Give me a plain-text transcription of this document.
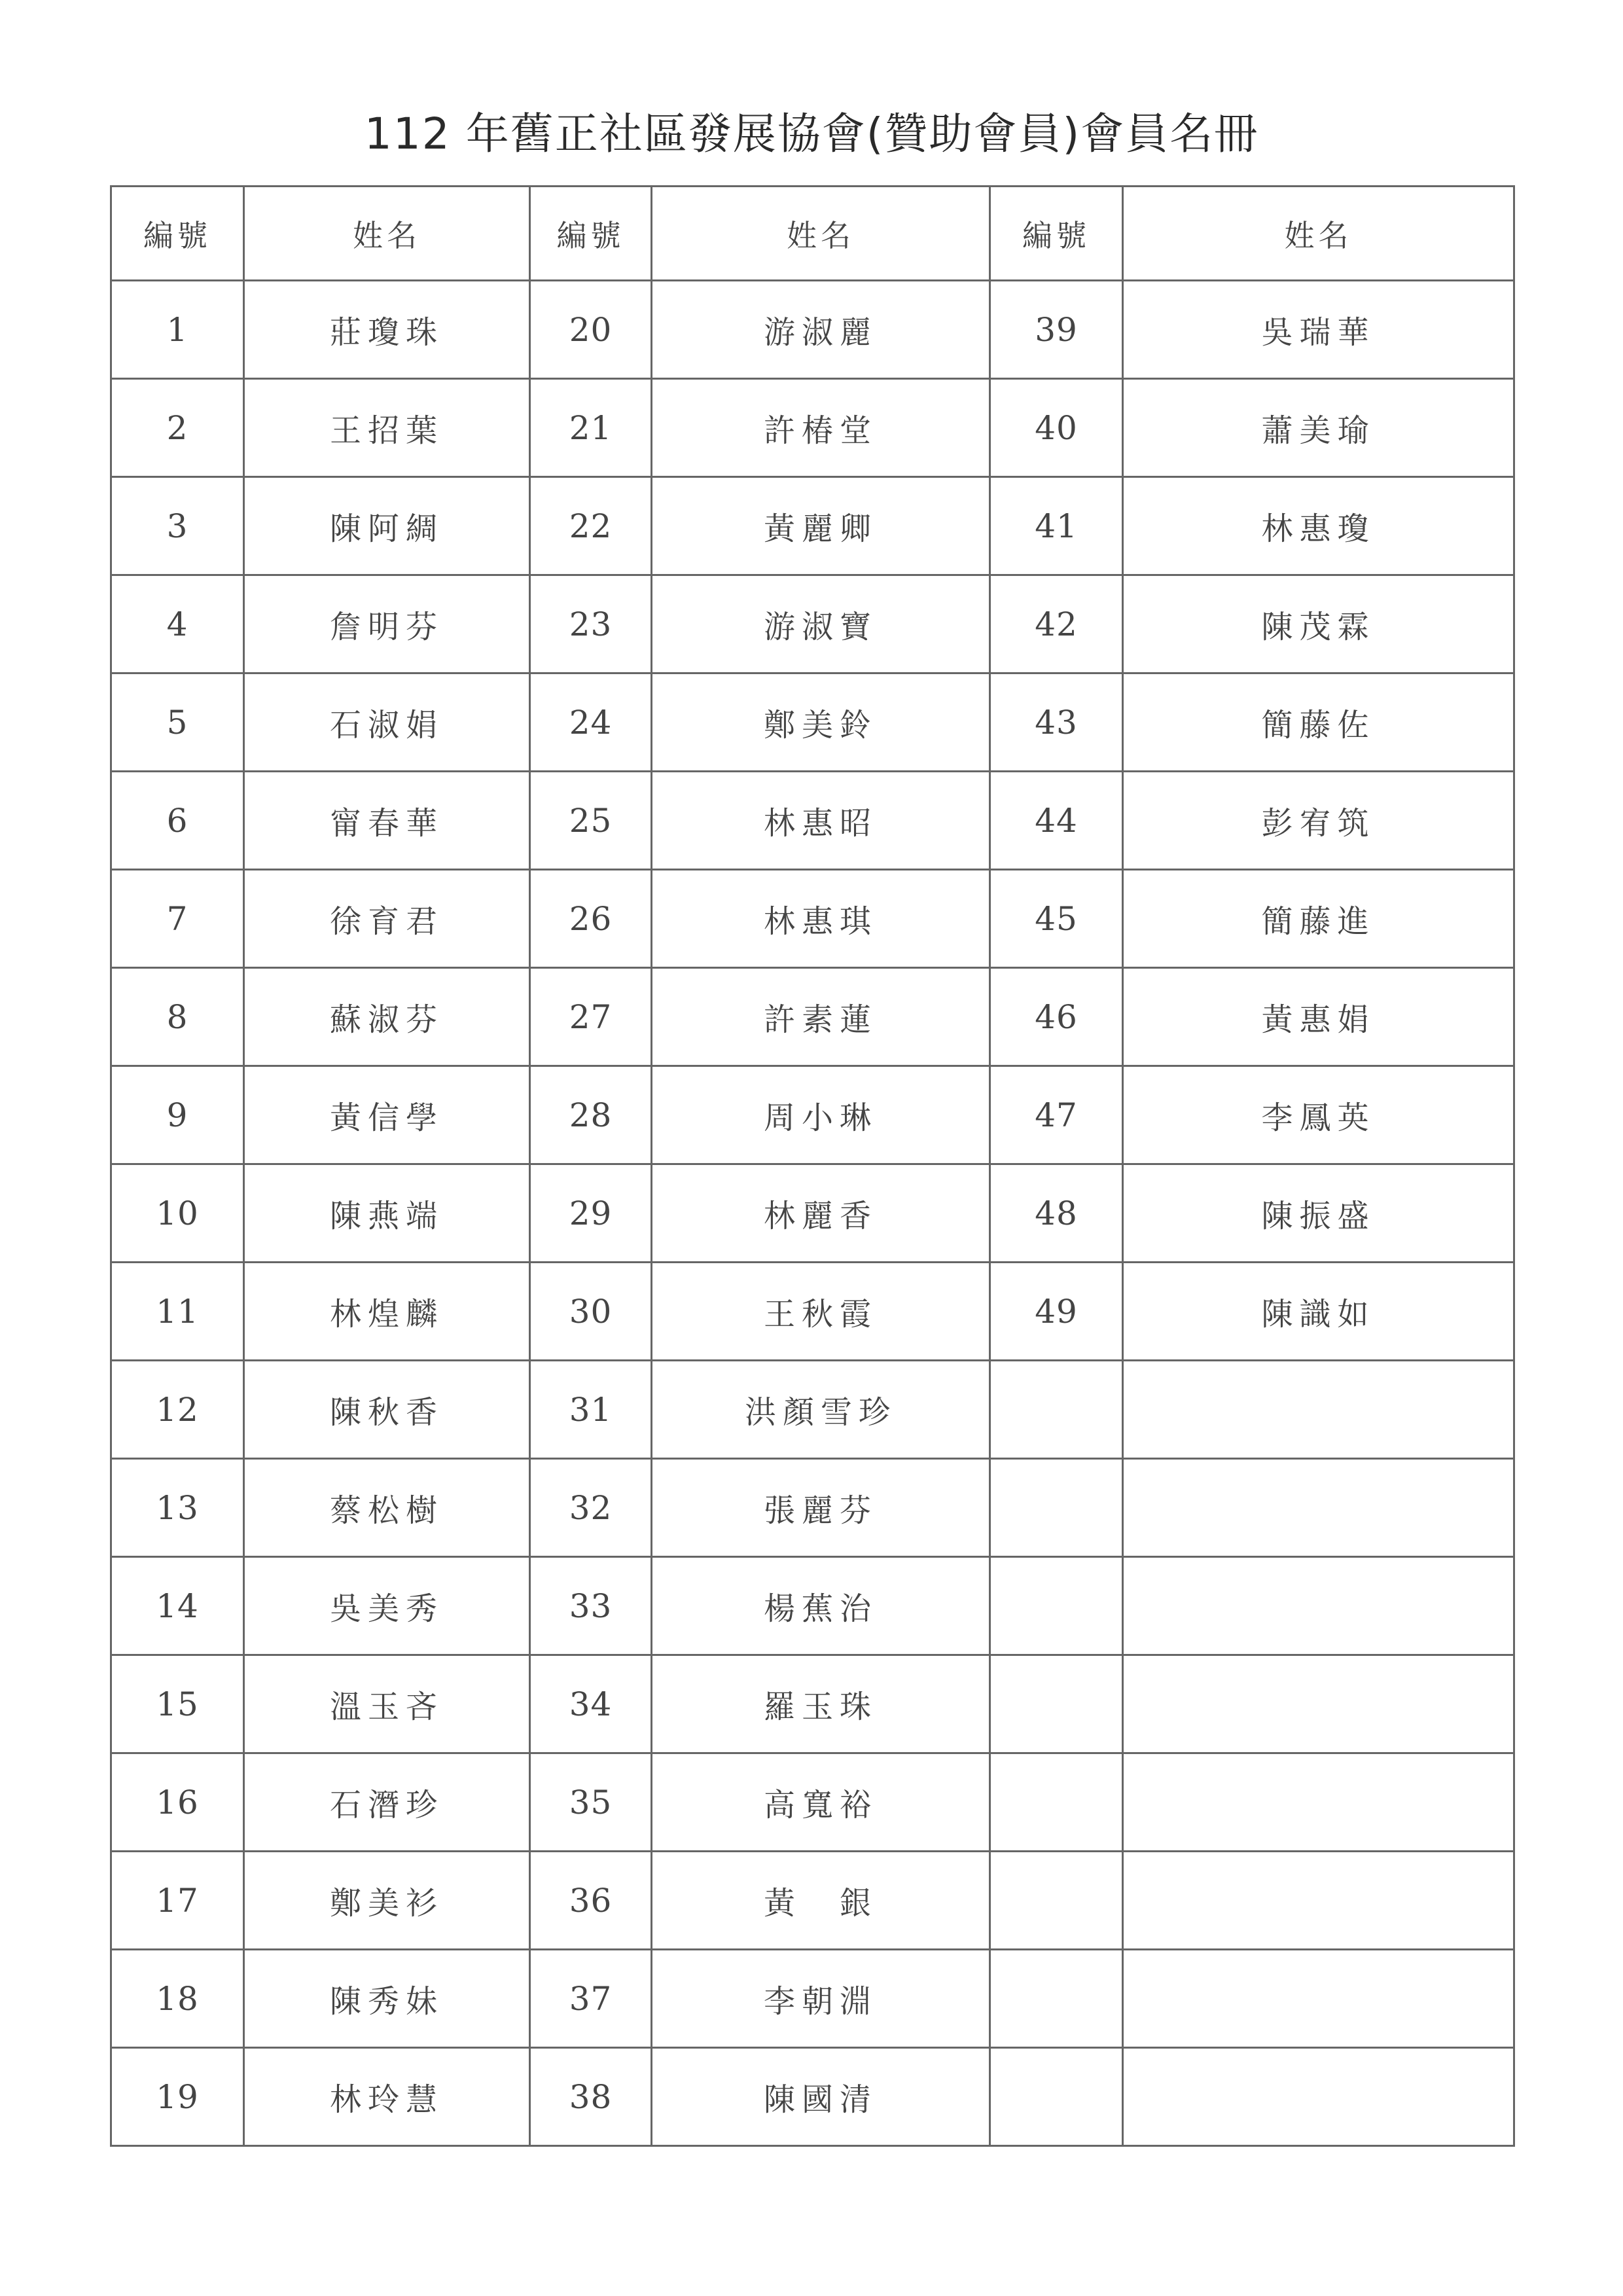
112 年舊正社區發展協會(贊助會員)會員名冊
編號	姓名	編號	姓名	編號	姓名
1	莊瓊珠	20	游淑麗	39	吳瑞華
2	王招葉	21	許椿堂	40	蕭美瑜
3	陳阿綢	22	黃麗卿	41	林惠瓊
4	詹明芬	23	游淑寶	42	陳茂霖
5	石淑娟	24	鄭美鈴	43	簡藤佐
6	甯春華	25	林惠昭	44	彭宥筑
7	徐育君	26	林惠琪	45	簡藤進
8	蘇淑芬	27	許素蓮	46	黃惠娟
9	黃信學	28	周小琳	47	李鳳英
10	陳燕端	29	林麗香	48	陳振盛
11	林煌麟	30	王秋霞	49	陳識如
12	陳秋香	31	洪顏雪珍		
13	蔡松樹	32	張麗芬		
14	吳美秀	33	楊蕉治		
15	溫玉吝	34	羅玉珠		
16	石潛珍	35	高寬裕		
17	鄭美衫	36	黃　銀		
18	陳秀妹	37	李朝淵		
19	林玲慧	38	陳國清		
